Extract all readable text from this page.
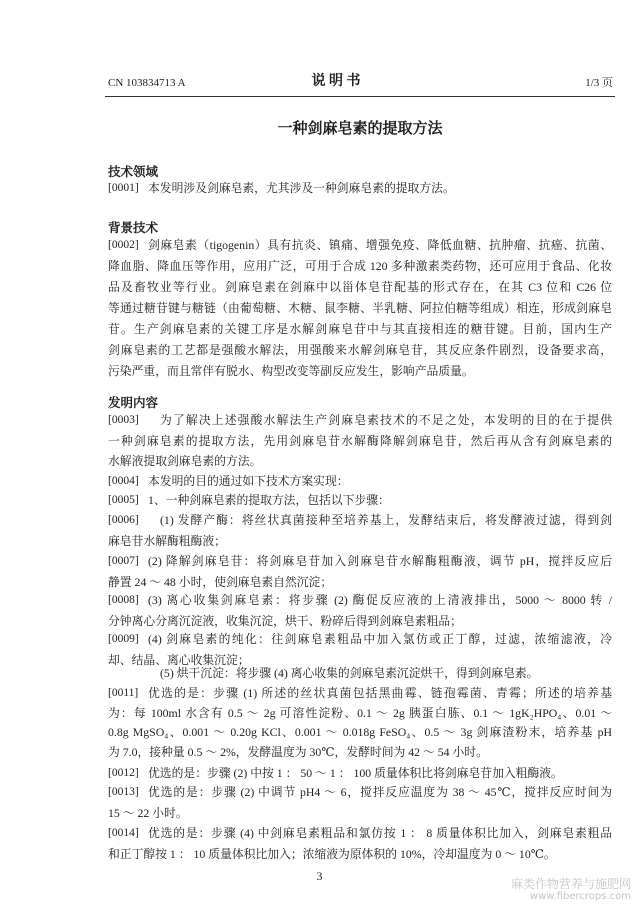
CN 103834713 A	说 明 书	1/3 页
一种剑麻皂素的提取方法
技术领域
[0001] 本发明涉及剑麻皂素，尤其涉及一种剑麻皂素的提取方法。
背景技术
[0002] 剑麻皂素（tigogenin）具有抗炎、镇痛、增强免疫、降低血糖、抗肿瘤、抗癌、抗菌、
降血脂、降血压等作用，应用广泛，可用于合成 120 多种激素类药物，还可应用于食品、化妆
品及畜牧业等行业。剑麻皂素在剑麻中以甾体皂苷配基的形式存在，在其 C3 位和 C26 位
等通过糖苷键与糖链（由葡萄糖、木糖、鼠李糖、半乳糖、阿拉伯糖等组成）相连，形成剑麻皂
苷。生产剑麻皂素的关键工序是水解剑麻皂苷中与其直接相连的糖苷键。目前，国内生产
剑麻皂素的工艺都是强酸水解法，用强酸来水解剑麻皂苷，其反应条件剧烈，设备要求高，
污染严重，而且常伴有脱水、构型改变等副反应发生，影响产品质量。
发明内容
[0003] 为了解决上述强酸水解法生产剑麻皂素技术的不足之处，本发明的目的在于提供
一种剑麻皂素的提取方法，先用剑麻皂苷水解酶降解剑麻皂苷，然后再从含有剑麻皂素的
水解液提取剑麻皂素的方法。
[0004] 本发明的目的通过如下技术方案实现：
[0005] 1、一种剑麻皂素的提取方法，包括以下步骤：
[0006] (1) 发酵产酶：将丝状真菌接种至培养基上，发酵结束后，将发酵液过滤，得到剑
麻皂苷水解酶粗酶液；
[0007] (2) 降解剑麻皂苷：将剑麻皂苷加入剑麻皂苷水解酶粗酶液，调节 pH，搅拌反应后
静置 24 ～ 48 小时，使剑麻皂素自然沉淀；
[0008] (3) 离心收集剑麻皂素：将步骤 (2) 酶促反应液的上清液排出，5000 ～ 8000 转 /
分钟离心分离沉淀液，收集沉淀，烘干、粉碎后得到剑麻皂素粗品；
[0009] (4) 剑麻皂素的纯化：往剑麻皂素粗品中加入氯仿或正丁醇，过滤，浓缩滤液，冷
却、结晶、离心收集沉淀；
(5) 烘干沉淀：将步骤 (4) 离心收集的剑麻皂素沉淀烘干，得到剑麻皂素。
[0011] 优选的是：步骤 (1) 所述的丝状真菌包括黑曲霉、链孢霉菌、青霉；所述的培养基
为：每 100ml 水含有 0.5 ～ 2g 可溶性淀粉、0.1 ～ 2g 胰蛋白胨、0.1 ～ 1gK₂HPO₄、0.01 ～
0.8g MgSO₄、0.001 ～ 0.20g KCl、0.001 ～ 0.018g FeSO₄、0.5 ～ 3g 剑麻渣粉末，培养基 pH
为 7.0，接种量 0.5 ～ 2%，发酵温度为 30℃，发酵时间为 42 ～ 54 小时。
[0012] 优选的是：步骤 (2) 中按 1 ： 50 ～ 1 ： 100 质量体积比将剑麻皂苷加入粗酶液。
[0013] 优选的是：步骤 (2) 中调节 pH4 ～ 6，搅拌反应温度为 38 ～ 45℃，搅拌反应时间为
15 ～ 22 小时。
[0014] 优选的是：步骤 (4) 中剑麻皂素粗品和氯仿按 1 ： 8 质量体积比加入，剑麻皂素粗品
和正丁醇按 1 ： 10 质量体积比加入；浓缩液为原体积的 10%，冷却温度为 0 ～ 10℃。
3
麻类作物营养与施肥网
www.fibercrops.com
